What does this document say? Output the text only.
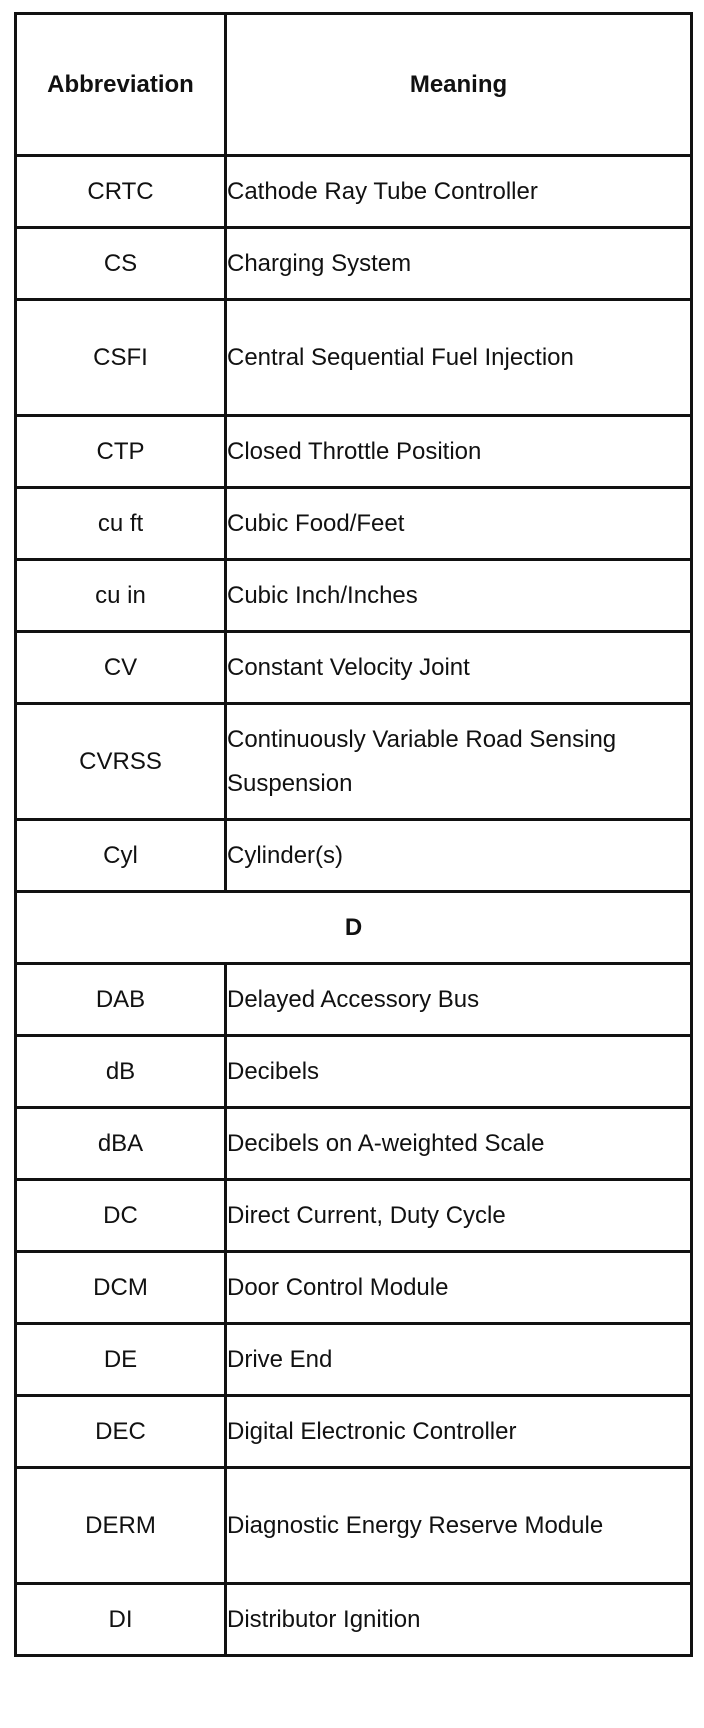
Abbreviation	Meaning
CRTC	Cathode Ray Tube Controller
CS	Charging System
CSFI	Central Sequential Fuel Injection
CTP	Closed Throttle Position
cu ft	Cubic Food/Feet
cu in	Cubic Inch/Inches
CV	Constant Velocity Joint
CVRSS	Continuously Variable Road Sensing Suspension
Cyl	Cylinder(s)
D	
DAB	Delayed Accessory Bus
dB	Decibels
dBA	Decibels on A-weighted Scale
DC	Direct Current, Duty Cycle
DCM	Door Control Module
DE	Drive End
DEC	Digital Electronic Controller
DERM	Diagnostic Energy Reserve Module
DI	Distributor Ignition
